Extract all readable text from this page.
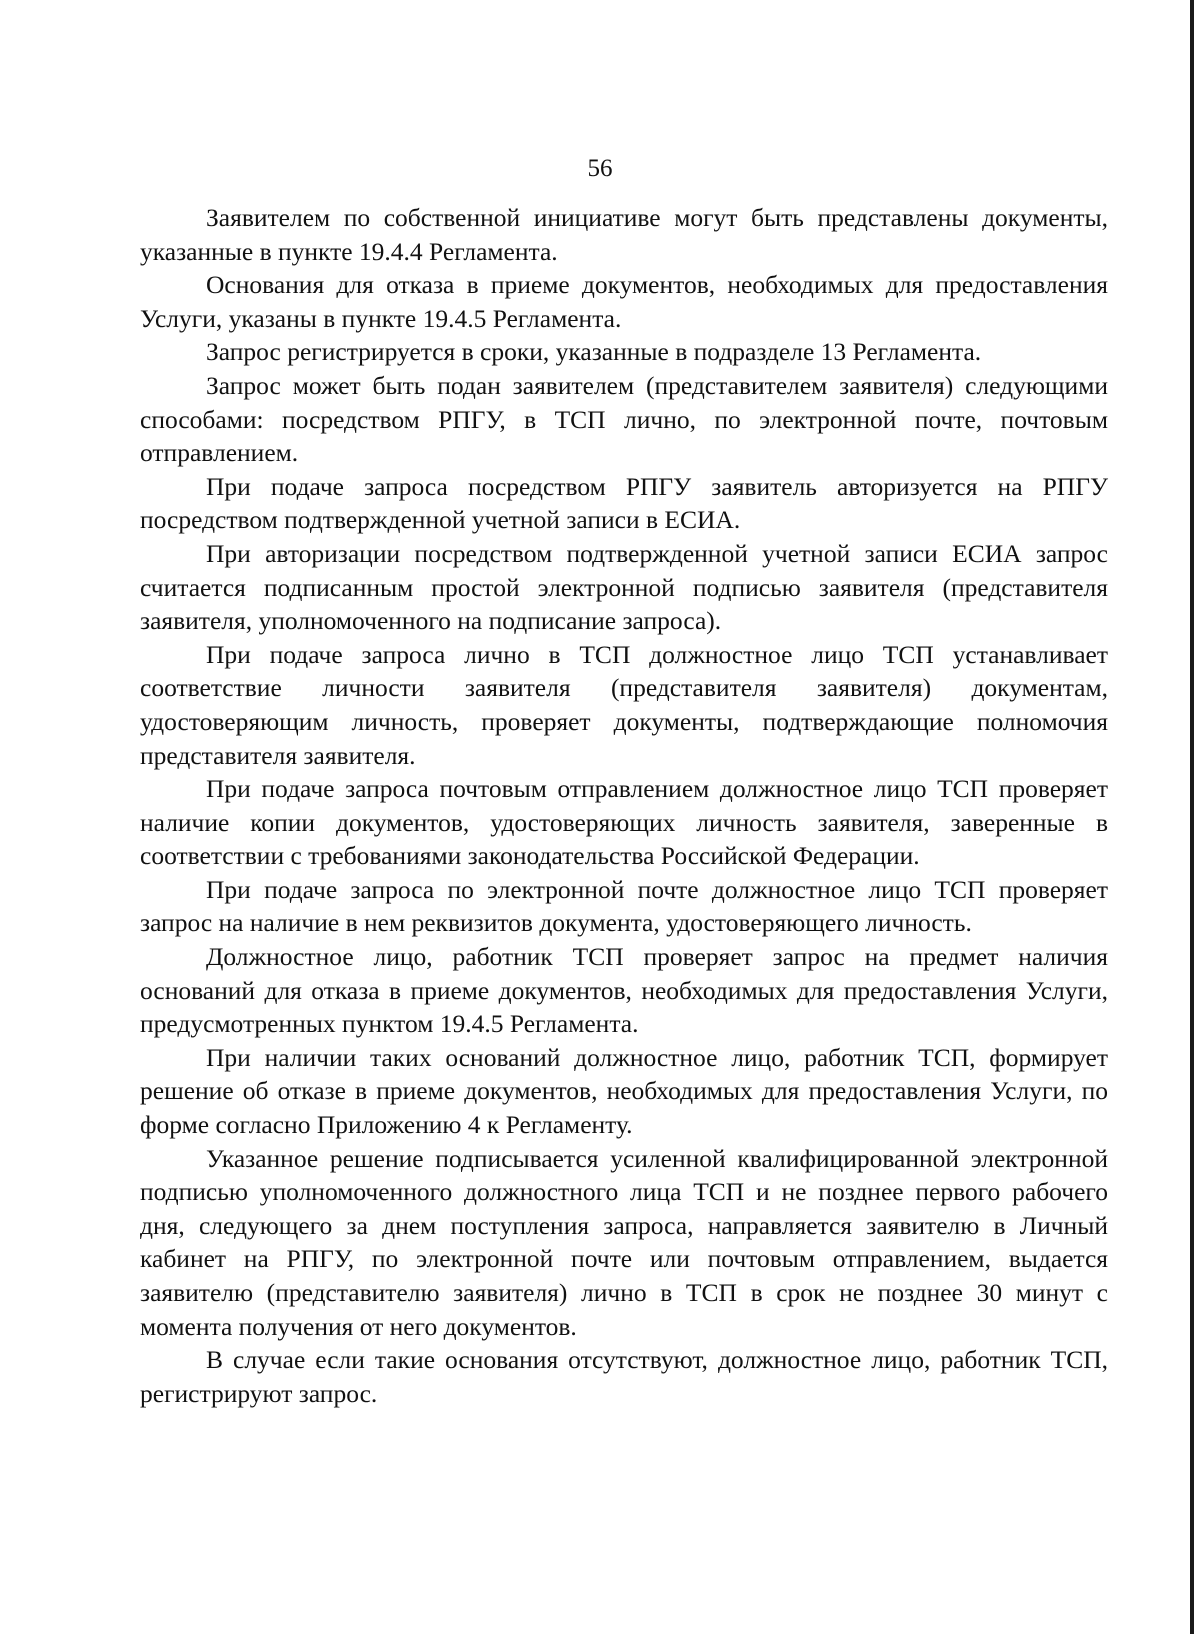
56

Заявителем по собственной инициативе могут быть представлены документы, указанные в пункте 19.4.4 Регламента.

Основания для отказа в приеме документов, необходимых для предоставления Услуги, указаны в пункте 19.4.5 Регламента.

Запрос регистрируется в сроки, указанные в подразделе 13 Регламента.

Запрос может быть подан заявителем (представителем заявителя) следующими способами: посредством РПГУ, в ТСП лично, по электронной почте, почтовым отправлением.

При подаче запроса посредством РПГУ заявитель авторизуется на РПГУ посредством подтвержденной учетной записи в ЕСИА.

При авторизации посредством подтвержденной учетной записи ЕСИА запрос считается подписанным простой электронной подписью заявителя (представителя заявителя, уполномоченного на подписание запроса).

При подаче запроса лично в ТСП должностное лицо ТСП устанавливает соответствие личности заявителя (представителя заявителя) документам, удостоверяющим личность, проверяет документы, подтверждающие полномочия представителя заявителя.

При подаче запроса почтовым отправлением должностное лицо ТСП проверяет наличие копии документов, удостоверяющих личность заявителя, заверенные в соответствии с требованиями законодательства Российской Федерации.

При подаче запроса по электронной почте должностное лицо ТСП проверяет запрос на наличие в нем реквизитов документа, удостоверяющего личность.

Должностное лицо, работник ТСП проверяет запрос на предмет наличия оснований для отказа в приеме документов, необходимых для предоставления Услуги, предусмотренных пунктом 19.4.5 Регламента.

При наличии таких оснований должностное лицо, работник ТСП, формирует решение об отказе в приеме документов, необходимых для предоставления Услуги, по форме согласно Приложению 4 к Регламенту.

Указанное решение подписывается усиленной квалифицированной электронной подписью уполномоченного должностного лица ТСП и не позднее первого рабочего дня, следующего за днем поступления запроса, направляется заявителю в Личный кабинет на РПГУ, по электронной почте или почтовым отправлением, выдается заявителю (представителю заявителя) лично в ТСП в срок не позднее 30 минут с момента получения от него документов.

В случае если такие основания отсутствуют, должностное лицо, работник ТСП, регистрируют запрос.
